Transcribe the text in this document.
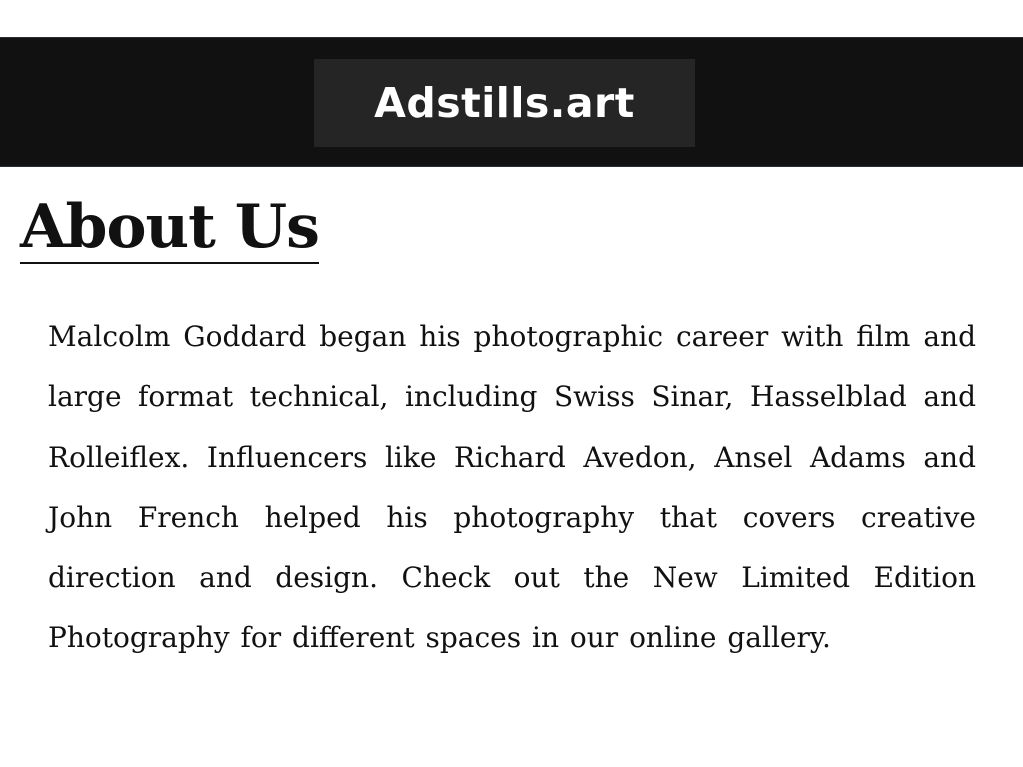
Adstills.art
About Us

Malcolm Goddard began his photographic career with film and large format technical, including Swiss Sinar, Hasselblad and Rolleiflex. Influencers like Richard Avedon, Ansel Adams and John French helped his photography that covers creative direction and design. Check out the New Limited Edition Photography for different spaces in our online gallery.
